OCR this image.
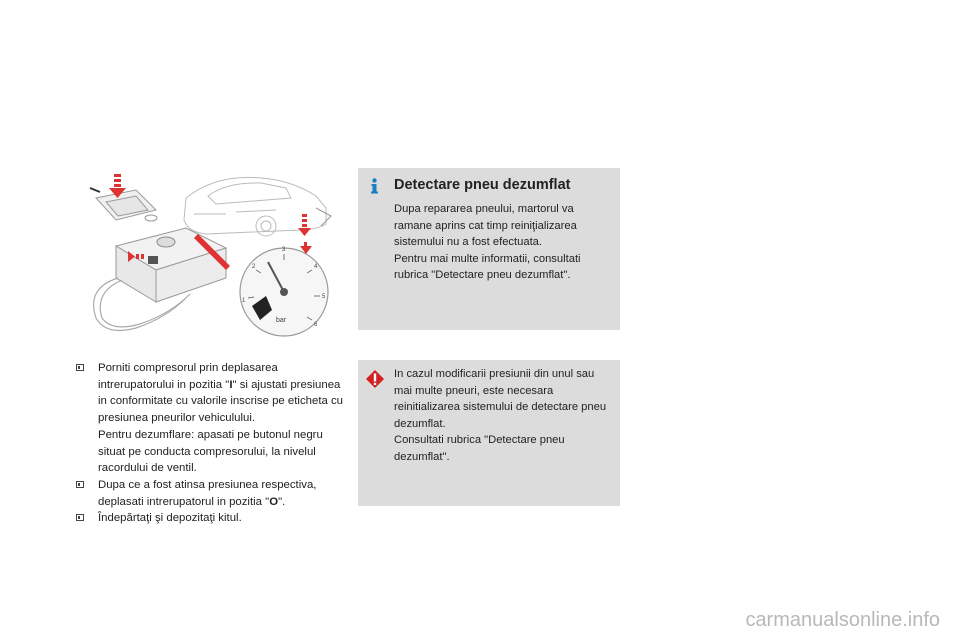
1
2
3
4
5
6
bar
Porniti compresorul prin deplasarea intrerupatorului in pozitia "I" si ajustati presiunea in conformitate cu valorile inscrise pe eticheta cu presiunea pneurilor vehiculului.
Pentru dezumflare: apasati pe butonul negru situat pe conducta compresorului, la nivelul racordului de ventil.
Dupa ce a fost atinsa presiunea respectiva, deplasati intrerupatorul in pozitia "O".
Îndepărtaţi şi depozitaţi kitul.
Detectare pneu dezumflat

Dupa repararea pneului, martorul va ramane aprins cat timp reiniţializarea sistemului nu a fost efectuata.

Pentru mai multe informatii, consultati rubrica "Detectare pneu dezumflat".

In cazul modificarii presiunii din unul sau mai multe pneuri, este necesara reinitializarea sistemului de detectare pneu dezumflat.

Consultati rubrica "Detectare pneu dezumflat".

carmanualsonline.info
